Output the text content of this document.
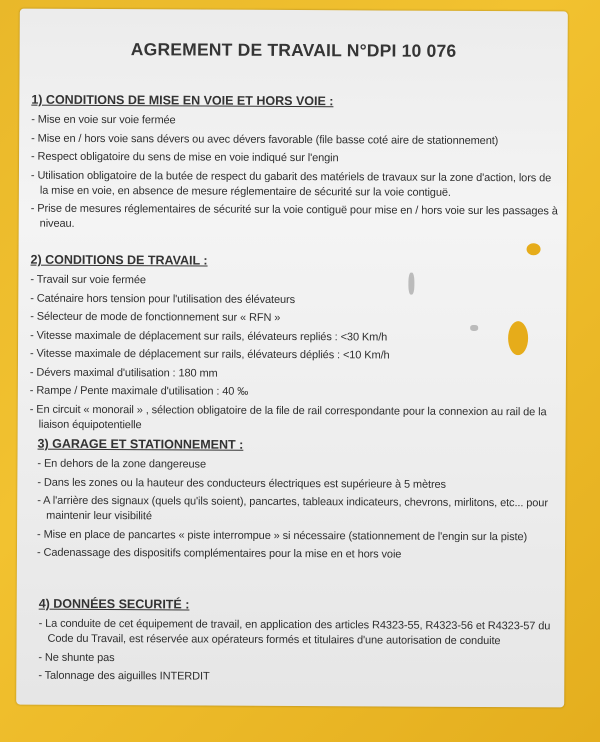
AGREMENT DE TRAVAIL N°DPI 10 076
1) CONDITIONS DE MISE EN VOIE ET HORS VOIE :
- Mise en voie sur voie fermée
- Mise en / hors voie sans dévers ou avec dévers favorable (file basse coté aire de stationnement)
- Respect obligatoire du sens de mise en voie indiqué sur l'engin
- Utilisation obligatoire de la butée de respect du gabarit des matériels de travaux sur la zone d'action, lors de la mise en voie, en absence de mesure réglementaire de sécurité sur la voie contiguë.
- Prise de mesures réglementaires de sécurité sur la voie contiguë pour mise en / hors voie sur les passages à niveau.
2) CONDITIONS DE TRAVAIL :
- Travail sur voie fermée
- Caténaire hors tension pour l'utilisation des élévateurs
- Sélecteur de mode de fonctionnement sur « RFN »
- Vitesse maximale de déplacement sur rails, élévateurs repliés : <30 Km/h
- Vitesse maximale de déplacement sur rails, élévateurs dépliés : <10 Km/h
- Dévers maximal d'utilisation : 180 mm
- Rampe / Pente maximale d'utilisation : 40 ‰
- En circuit « monorail » , sélection obligatoire de la file de rail correspondante pour la connexion au rail de la liaison équipotentielle
3) GARAGE ET STATIONNEMENT :
- En dehors de la zone dangereuse
- Dans les zones ou la hauteur des conducteurs électriques est supérieure à 5 mètres
- A l'arrière des signaux (quels qu'ils soient), pancartes, tableaux indicateurs, chevrons, mirlitons, etc... pour maintenir leur visibilité
- Mise en place de pancartes « piste interrompue » si nécessaire (stationnement de l'engin sur la piste)
- Cadenassage des dispositifs complémentaires pour la mise en et hors voie
4) DONNÉES SECURITÉ :
- La conduite de cet équipement de travail, en application des articles R4323-55, R4323-56 et R4323-57 du Code du Travail, est réservée aux opérateurs formés et titulaires d'une autorisation de conduite
- Ne shunte pas
- Talonnage des aiguilles INTERDIT
